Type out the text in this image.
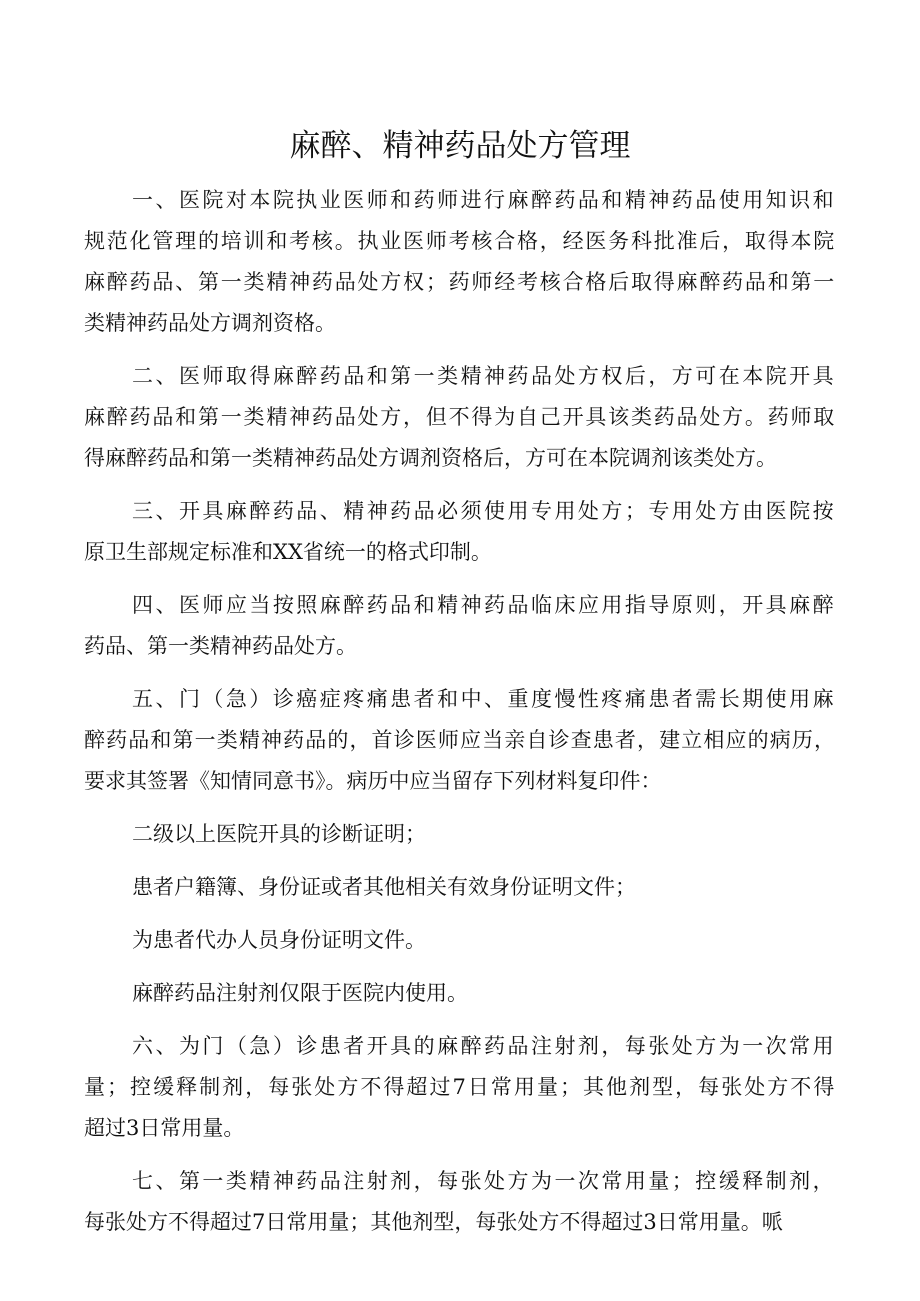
麻醉、精神药品处方管理
一、医院对本院执业医师和药师进行麻醉药品和精神药品使用知识和
规范化管理的培训和考核。执业医师考核合格，经医务科批准后，取得本院
麻醉药品、第一类精神药品处方权；药师经考核合格后取得麻醉药品和第一
类精神药品处方调剂资格。
二、医师取得麻醉药品和第一类精神药品处方权后，方可在本院开具
麻醉药品和第一类精神药品处方，但不得为自己开具该类药品处方。药师取
得麻醉药品和第一类精神药品处方调剂资格后，方可在本院调剂该类处方。
三、开具麻醉药品、精神药品必须使用专用处方；专用处方由医院按
原卫生部规定标准和XX省统一的格式印制。
四、医师应当按照麻醉药品和精神药品临床应用指导原则，开具麻醉
药品、第一类精神药品处方。
五、门（急）诊癌症疼痛患者和中、重度慢性疼痛患者需长期使用麻
醉药品和第一类精神药品的，首诊医师应当亲自诊查患者，建立相应的病历，
要求其签署《知情同意书》。病历中应当留存下列材料复印件：
二级以上医院开具的诊断证明；
患者户籍簿、身份证或者其他相关有效身份证明文件；
为患者代办人员身份证明文件。
麻醉药品注射剂仅限于医院内使用。
六、为门（急）诊患者开具的麻醉药品注射剂，每张处方为一次常用
量；控缓释制剂，每张处方不得超过7日常用量；其他剂型，每张处方不得
超过3日常用量。
七、第一类精神药品注射剂，每张处方为一次常用量；控缓释制剂，
每张处方不得超过7日常用量；其他剂型，每张处方不得超过3日常用量。哌
